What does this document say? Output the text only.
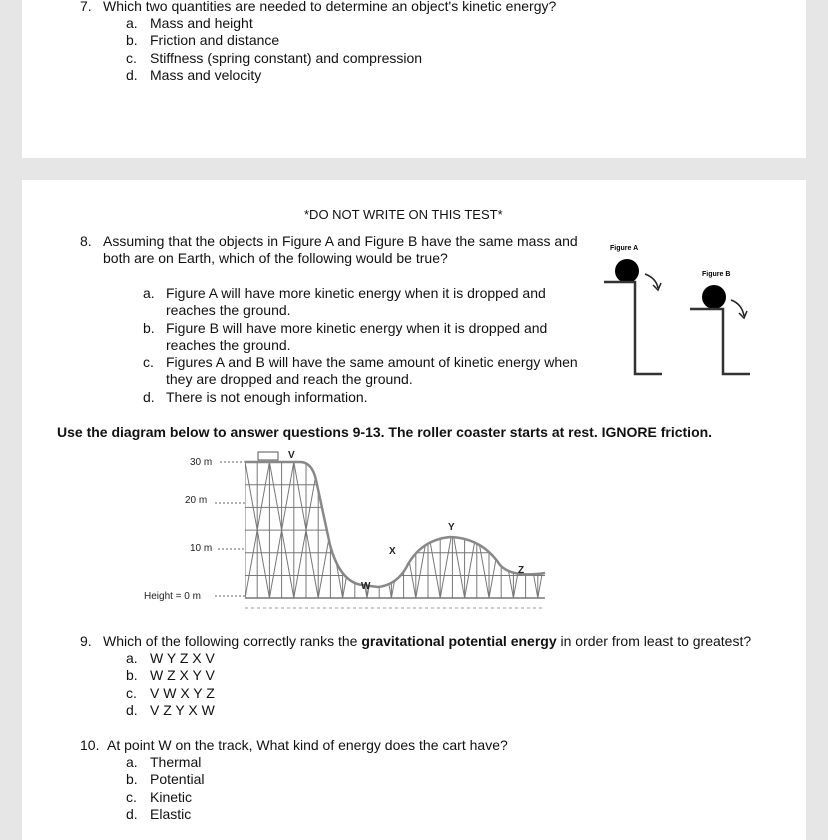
7. Which two quantities are needed to determine an object's kinetic energy?
a. Mass and height
b. Friction and distance
c. Stiffness (spring constant) and compression
d. Mass and velocity
*DO NOT WRITE ON THIS TEST*
8. Assuming that the objects in Figure A and Figure B have the same mass and
both are on Earth, which of the following would be true?
a. Figure A will have more kinetic energy when it is dropped and
reaches the ground.
b. Figure B will have more kinetic energy when it is dropped and
reaches the ground.
c. Figures A and B will have the same amount of kinetic energy when
they are dropped and reach the ground.
d. There is not enough information.
Figure A
Figure B
Use the diagram below to answer questions 9-13. The roller coaster starts at rest. IGNORE friction.
30 m
20 m
10 m
Height = 0 m
V
W
X
Y
Z
9. Which of the following correctly ranks the gravitational potential energy in order from least to greatest?
a. W Y Z X V
b. W Z X Y V
c. V W X Y Z
d. V Z Y X W
10. At point W on the track, What kind of energy does the cart have?
a. Thermal
b. Potential
c. Kinetic
d. Elastic
